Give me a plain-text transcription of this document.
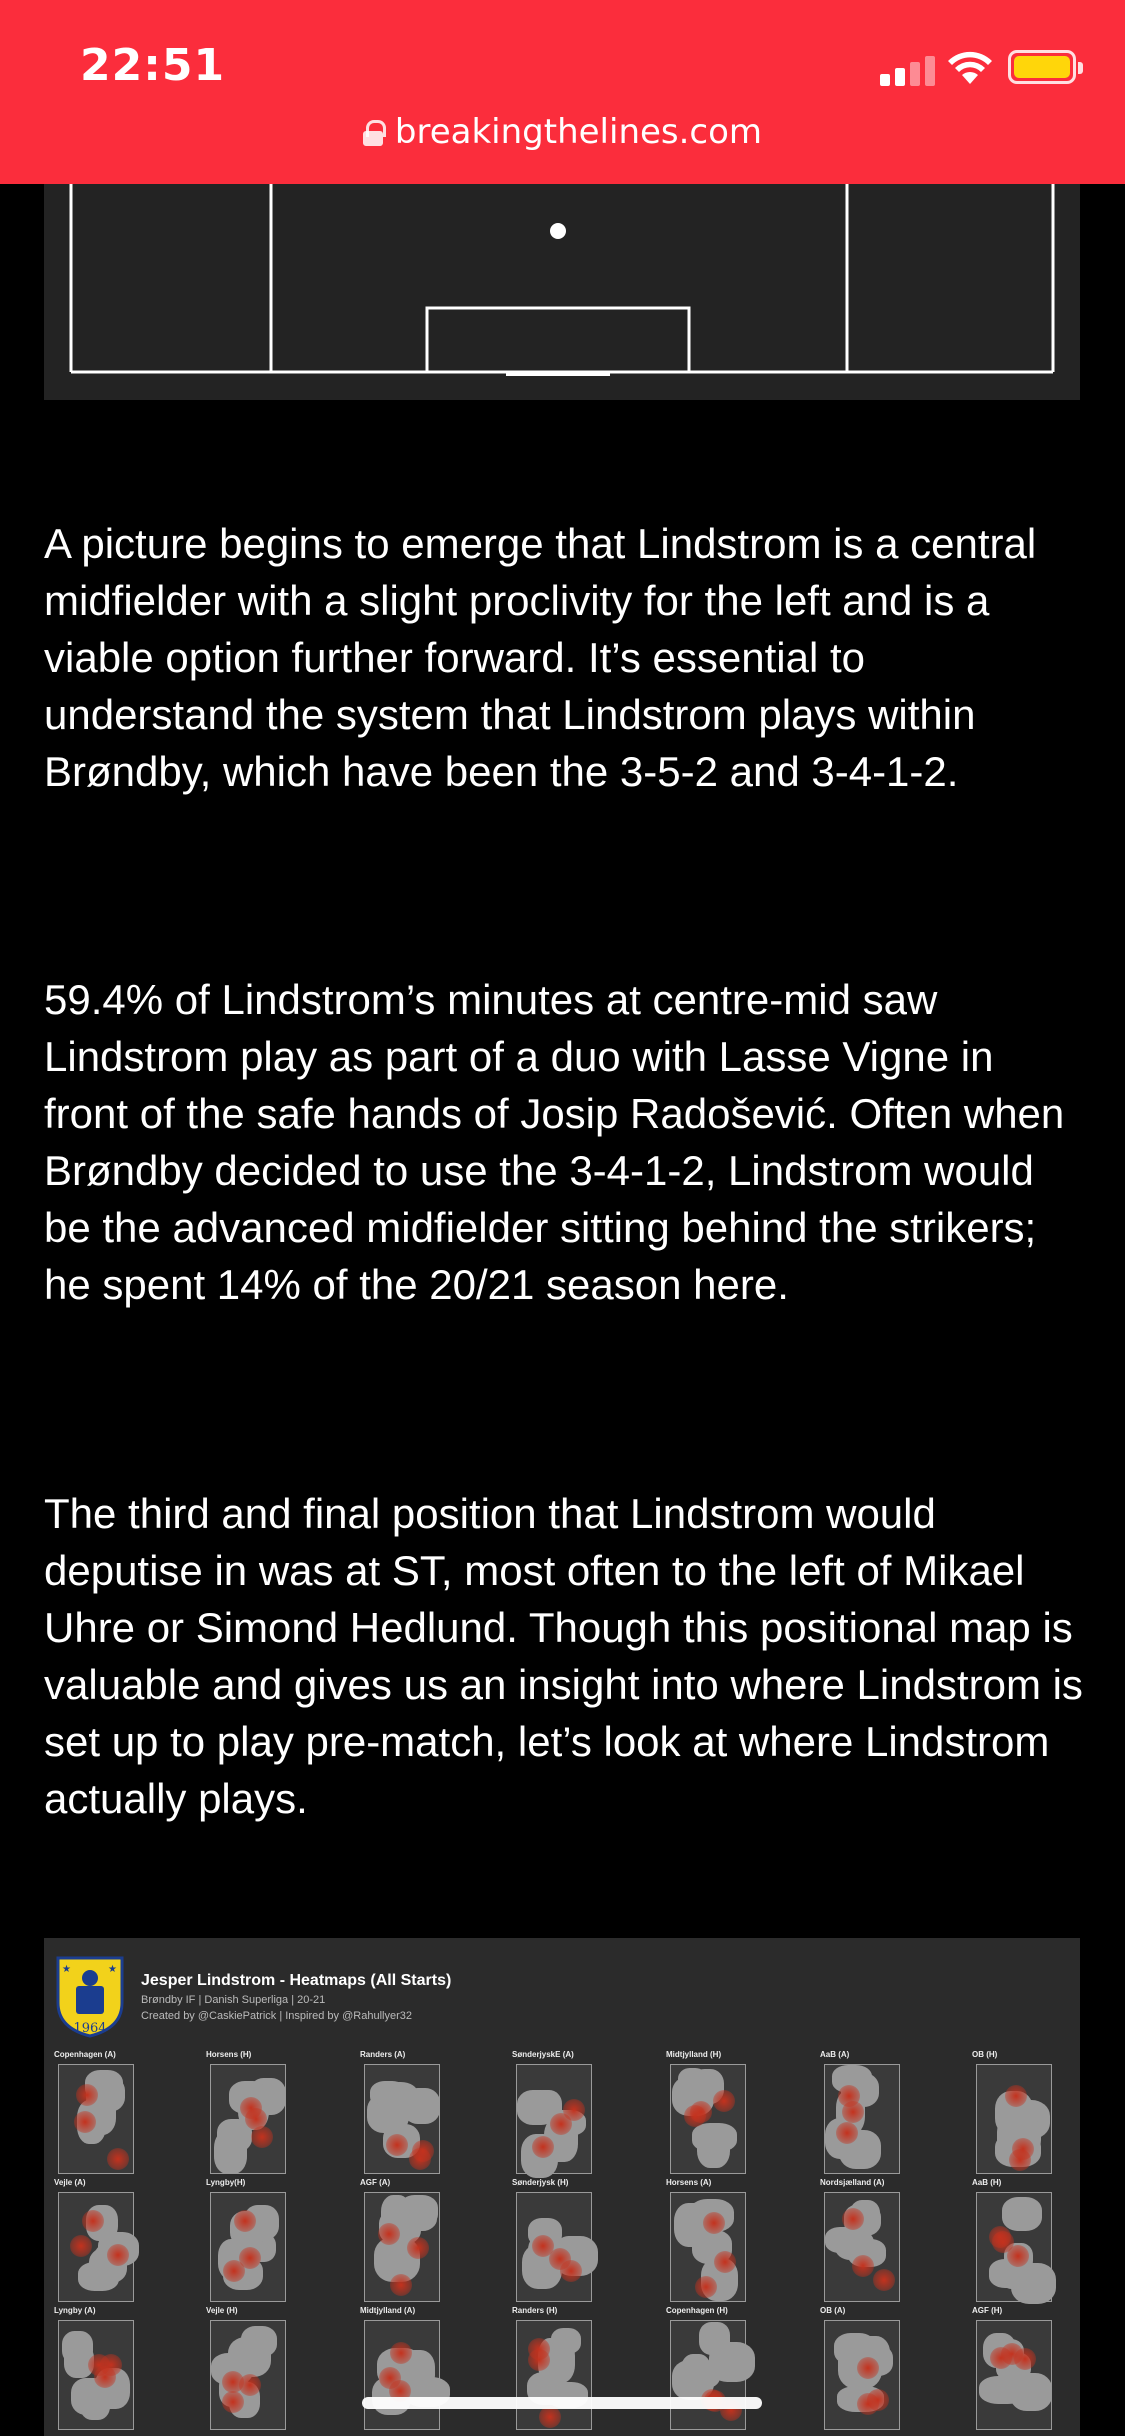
22:51
breakingthelines.com

A picture begins to emerge that Lindstrom is a central midfielder with a slight proclivity for the left and is a viable option further forward. It’s essential to understand the system that Lindstrom plays within Brøndby, which have been the 3-5-2 and 3-4-1-2.

59.4% of Lindstrom’s minutes at centre-mid saw Lindstrom play as part of a duo with Lasse Vigne in front of the safe hands of Josip Radošević. Often when Brøndby decided to use the 3-4-1-2, Lindstrom would be the advanced midfielder sitting behind the strikers; he spent 14% of the 20/21 season here.

The third and final position that Lindstrom would deputise in was at ST, most often to the left of Mikael Uhre or Simond Hedlund. Though this positional map is valuable and gives us an insight into where Lindstrom is set up to play pre-match, let’s look at where Lindstrom actually plays.

★	★
1964
Jesper Lindstrom - Heatmaps (All Starts)
Brøndby IF | Danish Superliga | 20-21
Created by @CaskiePatrick | Inspired by @Rahullyer32
Copenhagen (A)	Horsens (H)	Randers (A)	SønderjyskE (A)	Midtjylland (H)	AaB (A)	OB (H)
Vejle (A)	Lyngby(H)	AGF (A)	Sønderjysk (H)	Horsens (A)	Nordsjælland (A)	AaB (H)
Lyngby (A)	Vejle (H)	Midtjylland (A)	Randers (H)	Copenhagen (H)	OB (A)	AGF (H)
